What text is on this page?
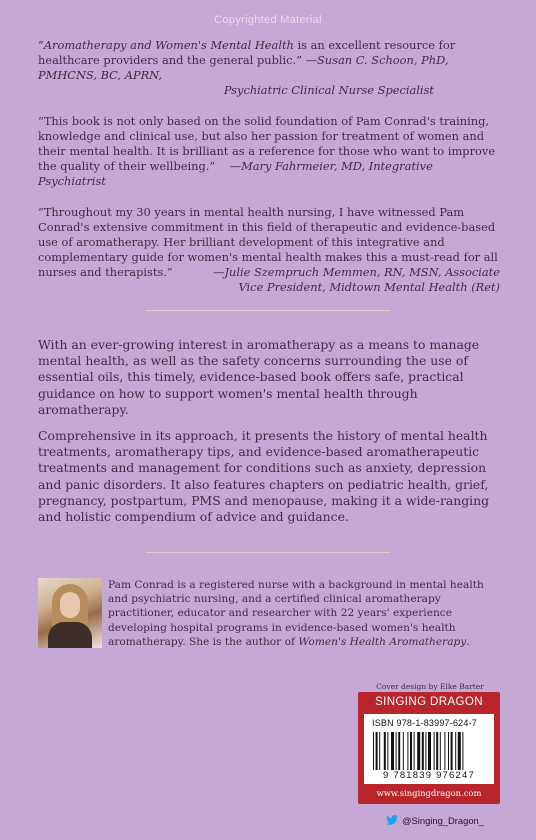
Copyrighted Material

“Aromatherapy and Women's Mental Health is an excellent resource for healthcare providers and the general public.” —Susan C. Schoon, PhD, PMHCNS, BC, APRN,

Psychiatric Clinical Nurse Specialist

“This book is not only based on the solid foundation of Pam Conrad's training, knowledge and clinical use, but also her passion for treatment of women and their mental health. It is brilliant as a reference for those who want to improve the quality of their wellbeing.” —Mary Fahrmeier, MD, Integrative Psychiatrist

“Throughout my 30 years in mental health nursing, I have witnessed Pam Conrad's extensive commitment in this field of therapeutic and evidence-based use of aromatherapy. Her brilliant development of this integrative and complementary guide for women's mental health makes this a must-read for all nurses and therapists.”	—Julie Szempruch Memmen, RN, MSN, Associate

Vice President, Midtown Mental Health (Ret)

With an ever-growing interest in aromatherapy as a means to manage mental health, as well as the safety concerns surrounding the use of essential oils, this timely, evidence-based book offers safe, practical guidance on how to support women's mental health through aromatherapy.

Comprehensive in its approach, it presents the history of mental health treatments, aromatherapy tips, and evidence-based aromatherapeutic treatments and management for conditions such as anxiety, depression and panic disorders. It also features chapters on pediatric health, grief, pregnancy, postpartum, PMS and menopause, making it a wide-ranging and holistic compendium of advice and guidance.

Pam Conrad is a registered nurse with a background in mental health and psychiatric nursing, and a certified clinical aromatherapy practitioner, educator and researcher with 22 years' experience developing hospital programs in evidence-based women's health aromatherapy. She is the author of Women's Health Aromatherapy.
Cover design by Elke Barter
SINGING DRAGON
ISBN 978-1-83997-624-7
9 781839 976247
www.singingdragon.com
@Singing_Dragon_
